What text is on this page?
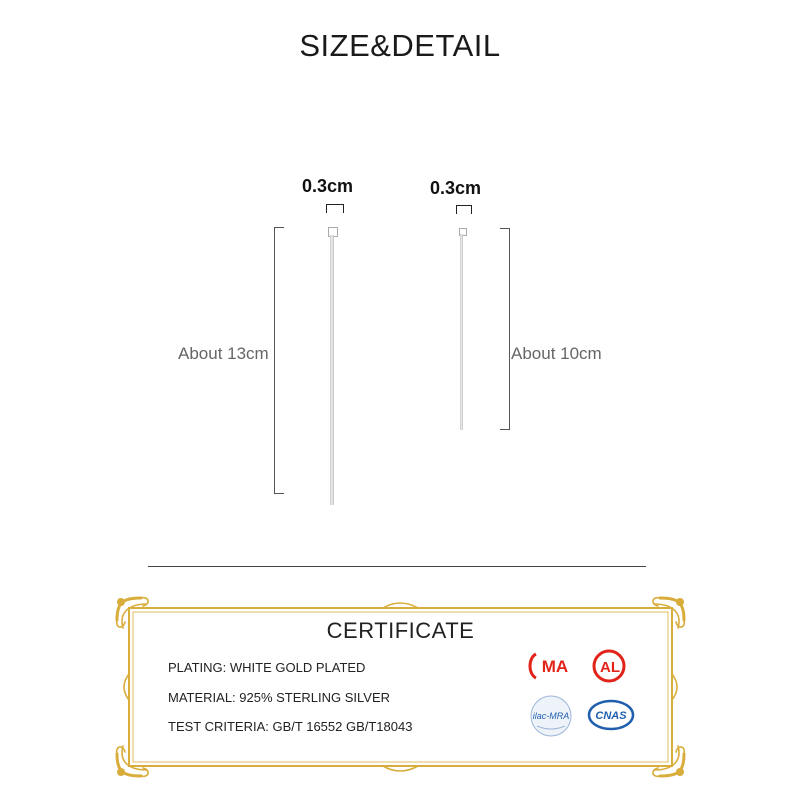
SIZE&DETAIL
0.3cm
About 13cm
0.3cm
About 10cm
CERTIFICATE
PLATING: WHITE GOLD PLATED
MATERIAL: 925% STERLING SILVER
TEST CRITERIA: GB/T 16552 GB/T18043
MA AL
ilac-MRA CNAS
